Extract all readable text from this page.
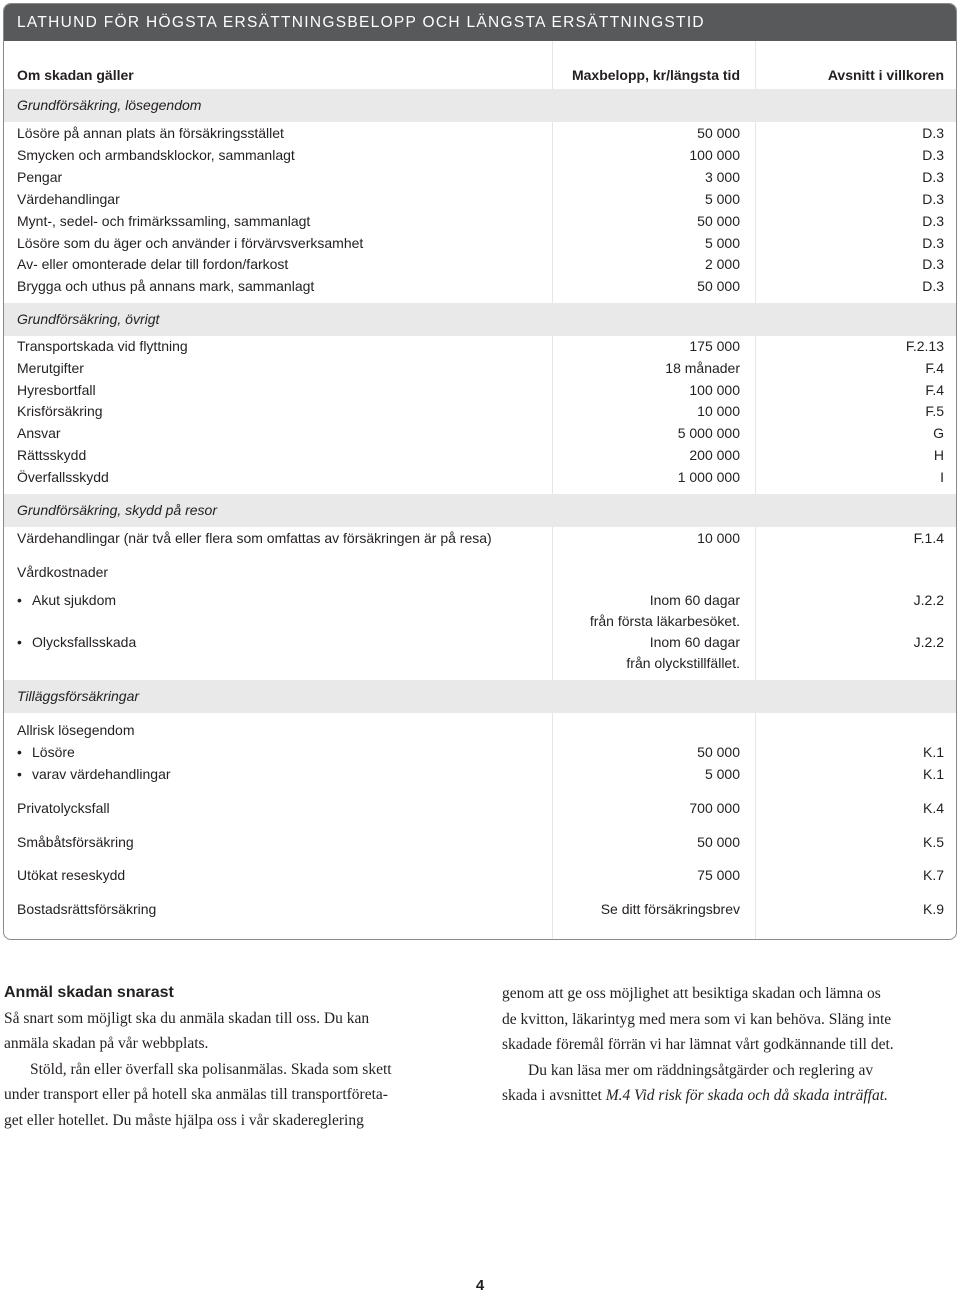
LATHUND FÖR HÖGSTA ERSÄTTNINGSBELOPP OCH LÄNGSTA ERSÄTTNINGSTID
Om skadan gäller	Maxbelopp, kr/längsta tid	Avsnitt i villkoren
Grundförsäkring, lösegendom
Lösöre på annan plats än försäkringsstället	50 000	D.3
Smycken och armbandsklockor, sammanlagt	100 000	D.3
Pengar	3 000	D.3
Värdehandlingar	5 000	D.3
Mynt-, sedel- och frimärkssamling, sammanlagt	50 000	D.3
Lösöre som du äger och använder i förvärvsverksamhet	5 000	D.3
Av- eller omonterade delar till fordon/farkost	2 000	D.3
Brygga och uthus på annans mark, sammanlagt	50 000	D.3
Grundförsäkring, övrigt
Transportskada vid flyttning	175 000	F.2.13
Merutgifter	18 månader	F.4
Hyresbortfall	100 000	F.4
Krisförsäkring	10 000	F.5
Ansvar	5 000 000	G
Rättsskydd	200 000	H
Överfallsskydd	1 000 000	I
Grundförsäkring, skydd på resor
Värdehandlingar (när två eller flera som omfattas av försäkringen är på resa)	10 000	F.1.4
Vårdkostnader
• Akut sjukdom	Inom 60 dagar	J.2.2
från första läkarbesöket.
• Olycksfallsskada	Inom 60 dagar	J.2.2
från olyckstillfället.
Tilläggsförsäkringar
Allrisk lösegendom
• Lösöre	50 000	K.1
• varav värdehandlingar	5 000	K.1
Privatolycksfall	700 000	K.4
Småbåtsförsäkring	50 000	K.5
Utökat reseskydd	75 000	K.7
Bostadsrättsförsäkring	Se ditt försäkringsbrev	K.9

Anmäl skadan snarast

Så snart som möjligt ska du anmäla skadan till oss. Du kan

anmäla skadan på vår webbplats.

Stöld, rån eller överfall ska polisanmälas. Skada som skett

under transport eller på hotell ska anmälas till transportföreta-

get eller hotellet. Du måste hjälpa oss i vår skadereglering

genom att ge oss möjlighet att besiktiga skadan och lämna os

de kvitton, läkarintyg med mera som vi kan behöva. Släng inte

skadade föremål förrän vi har lämnat vårt godkännande till det.

Du kan läsa mer om räddningsåtgärder och reglering av

skada i avsnittet M.4 Vid risk för skada och då skada inträffat.

4
